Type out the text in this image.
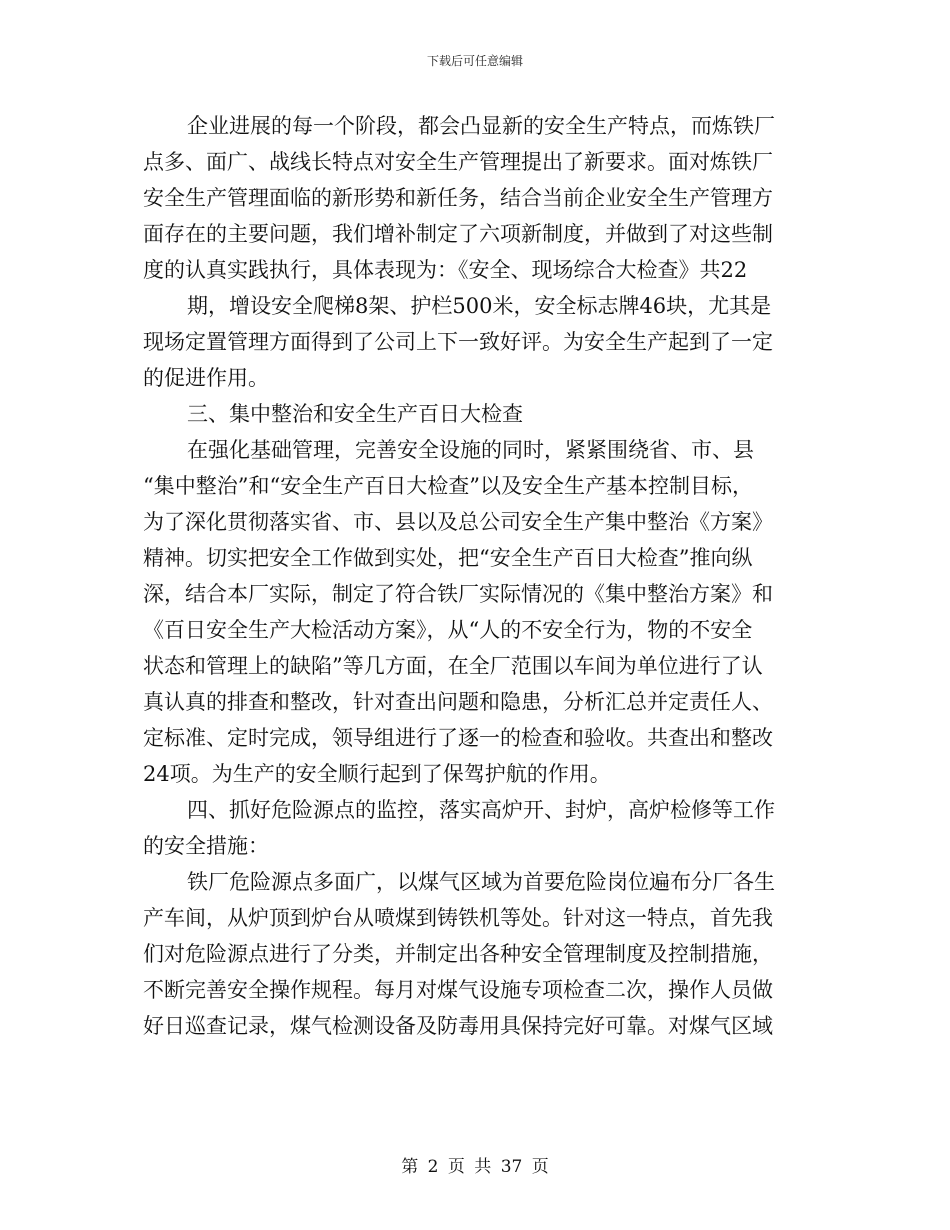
下载后可任意编辑
企业进展的每一个阶段，都会凸显新的安全生产特点，而炼铁厂
点多、面广、战线长特点对安全生产管理提出了新要求。面对炼铁厂
安全生产管理面临的新形势和新任务，结合当前企业安全生产管理方
面存在的主要问题，我们增补制定了六项新制度，并做到了对这些制
度的认真实践执行，具体表现为：《安全、现场综合大检查》共22
期，增设安全爬梯8架、护栏500米，安全标志牌46块，尤其是
现场定置管理方面得到了公司上下一致好评。为安全生产起到了一定
的促进作用。
三、集中整治和安全生产百日大检查
在强化基础管理，完善安全设施的同时，紧紧围绕省、市、县
“集中整治”和“安全生产百日大检查”以及安全生产基本控制目标，
为了深化贯彻落实省、市、县以及总公司安全生产集中整治《方案》
精神。切实把安全工作做到实处，把“安全生产百日大检查”推向纵
深，结合本厂实际，制定了符合铁厂实际情况的《集中整治方案》和
《百日安全生产大检活动方案》，从“人的不安全行为，物的不安全
状态和管理上的缺陷”等几方面，在全厂范围以车间为单位进行了认
真认真的排查和整改，针对查出问题和隐患，分析汇总并定责任人、
定标准、定时完成，领导组进行了逐一的检查和验收。共查出和整改
24项。为生产的安全顺行起到了保驾护航的作用。
四、抓好危险源点的监控，落实高炉开、封炉，高炉检修等工作
的安全措施：
铁厂危险源点多面广，以煤气区域为首要危险岗位遍布分厂各生
产车间，从炉顶到炉台从喷煤到铸铁机等处。针对这一特点，首先我
们对危险源点进行了分类，并制定出各种安全管理制度及控制措施，
不断完善安全操作规程。每月对煤气设施专项检查二次，操作人员做
好日巡查记录，煤气检测设备及防毒用具保持完好可靠。对煤气区域
第 2 页 共 37 页
